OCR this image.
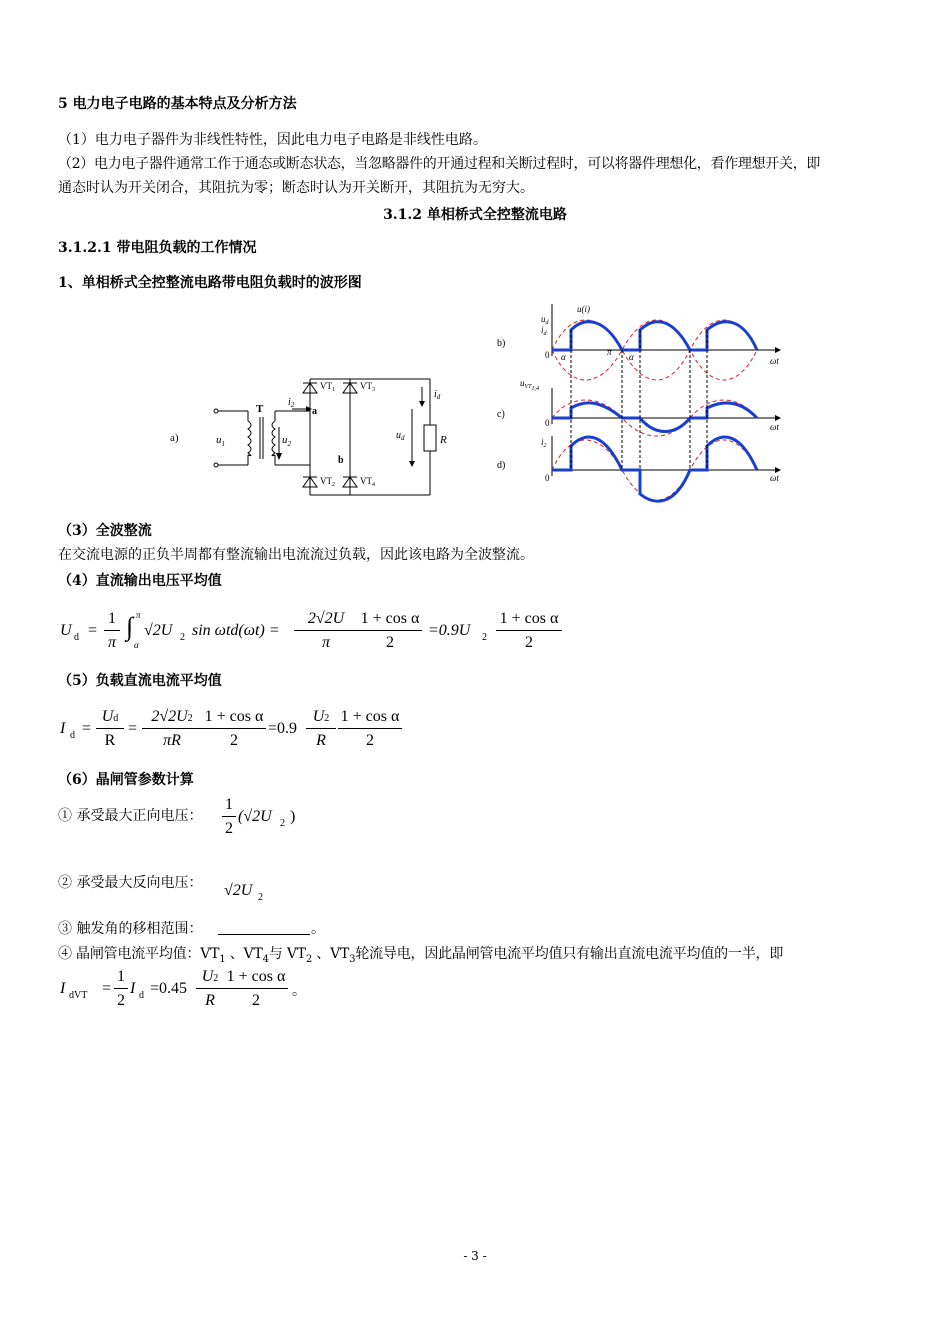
5 电力电子电路的基本特点及分析方法
（1）电力电子器件为非线性特性，因此电力电子电路是非线性电路。
（2）电力电子器件通常工作于通态或断态状态，当忽略器件的开通过程和关断过程时，可以将器件理想化，看作理想开关，即
通态时认为开关闭合，其阻抗为零；断态时认为开关断开，其阻抗为无穷大。
3.1.2 单相桥式全控整流电路
3.1.2.1 带电阻负载的工作情况
1、单相桥式全控整流电路带电阻负载时的波形图
a)
T
$u_1$	$u_2$
$i_2$
$VT_1$	$VT_3$
$VT_2$	$VT_4$
a
b
R
$i_d$
$u_d$
b)
c)
d)
ωt
ωt
ωt
0
0
0
$u_d$
$i_d$
u(i)
$u_{VT1,4}$
$i_2$
α	π α
（3）全波整流
在交流电源的正负半周都有整流输出电流流过负载，因此该电路为全波整流。
（4）直流输出电压平均值
U d =
1
π
∫ π
α
√2U 2 sin ωtd(ωt) =
2√2U
π
1 + cos α
2
=0.9U 2
1 + cos α
2
（5）负载直流电流平均值
I d =
Ud
R
=
2√2U2
πR
1 + cos α
2
=0.9
U2
R
1 + cos α
2
（6）晶闸管参数计算
① 承受最大正向电压：
1
2
(√2U 2 )
② 承受最大反向电压： √2U 2
③ 触发角的移相范围：	。
④ 晶闸管电流平均值：$VT_1$ 、$VT_4$与 $VT_2$ 、$VT_3$轮流导电，因此晶闸管电流平均值只有输出直流电流平均值的一半，即
I dVT =
1
2
I d =0.45
U2
R
1 + cos α
2
。
- 3 -
